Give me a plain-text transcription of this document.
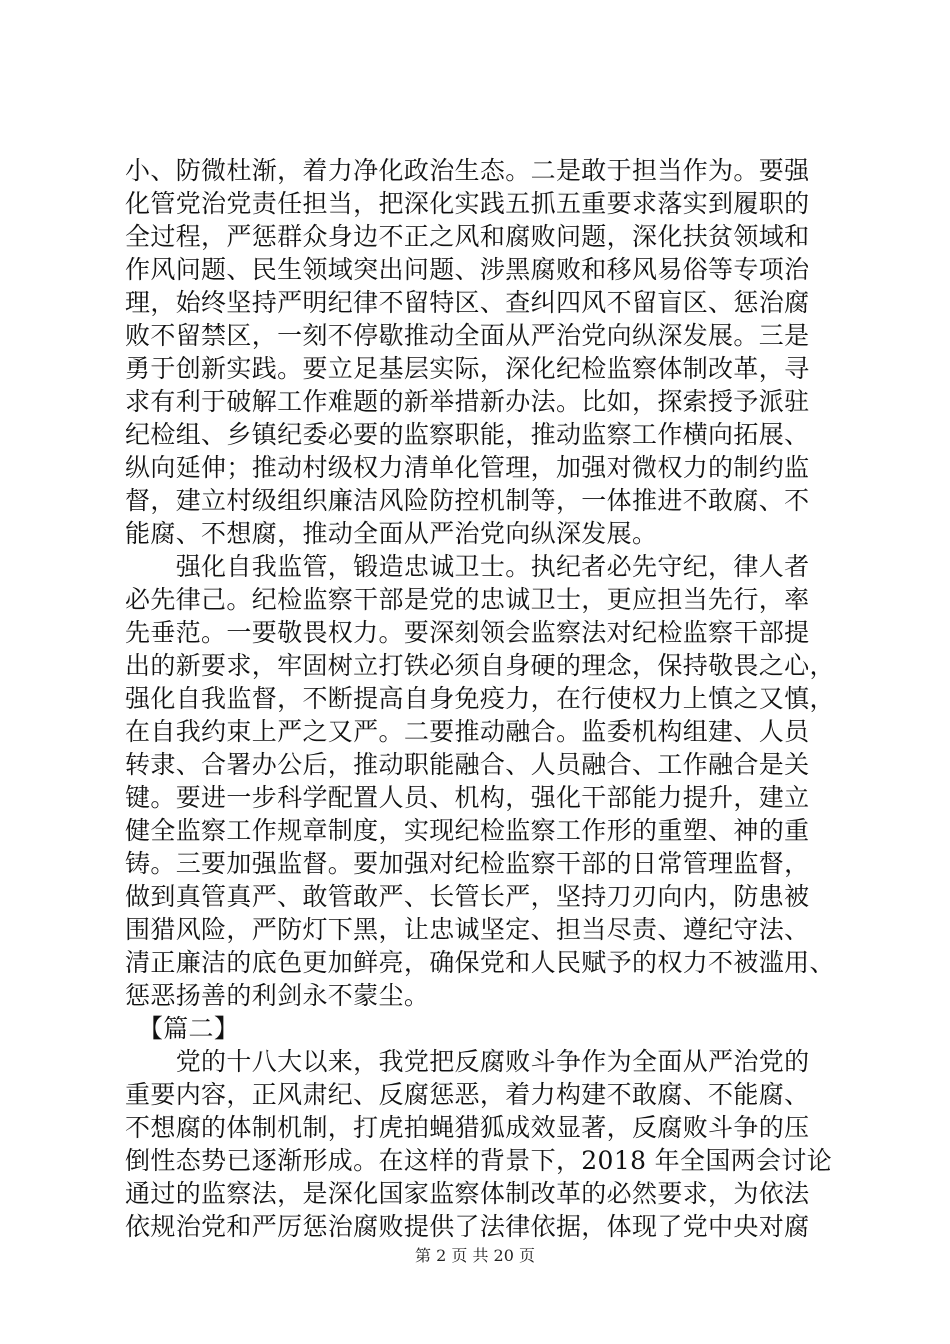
小、防微杜渐，着力净化政治生态。二是敢于担当作为。要强
化管党治党责任担当，把深化实践五抓五重要求落实到履职的
全过程，严惩群众身边不正之风和腐败问题，深化扶贫领域和
作风问题、民生领域突出问题、涉黑腐败和移风易俗等专项治
理，始终坚持严明纪律不留特区、查纠四风不留盲区、惩治腐
败不留禁区，一刻不停歇推动全面从严治党向纵深发展。三是
勇于创新实践。要立足基层实际，深化纪检监察体制改革，寻
求有利于破解工作难题的新举措新办法。比如，探索授予派驻
纪检组、乡镇纪委必要的监察职能，推动监察工作横向拓展、
纵向延伸；推动村级权力清单化管理，加强对微权力的制约监
督，建立村级组织廉洁风险防控机制等，一体推进不敢腐、不
能腐、不想腐，推动全面从严治党向纵深发展。
　　强化自我监管，锻造忠诚卫士。执纪者必先守纪，律人者
必先律己。纪检监察干部是党的忠诚卫士，更应担当先行，率
先垂范。一要敬畏权力。要深刻领会监察法对纪检监察干部提
出的新要求，牢固树立打铁必须自身硬的理念，保持敬畏之心，
强化自我监督，不断提高自身免疫力，在行使权力上慎之又慎，
在自我约束上严之又严。二要推动融合。监委机构组建、人员
转隶、合署办公后，推动职能融合、人员融合、工作融合是关
键。要进一步科学配置人员、机构，强化干部能力提升，建立
健全监察工作规章制度，实现纪检监察工作形的重塑、神的重
铸。三要加强监督。要加强对纪检监察干部的日常管理监督，
做到真管真严、敢管敢严、长管长严，坚持刀刃向内，防患被
围猎风险，严防灯下黑，让忠诚坚定、担当尽责、遵纪守法、
清正廉洁的底色更加鲜亮，确保党和人民赋予的权力不被滥用、
惩恶扬善的利剑永不蒙尘。
　【篇二】
　　党的十八大以来，我党把反腐败斗争作为全面从严治党的
重要内容，正风肃纪、反腐惩恶，着力构建不敢腐、不能腐、
不想腐的体制机制，打虎拍蝇猎狐成效显著，反腐败斗争的压
倒性态势已逐渐形成。在这样的背景下，2018 年全国两会讨论
通过的监察法，是深化国家监察体制改革的必然要求，为依法
依规治党和严厉惩治腐败提供了法律依据，体现了党中央对腐
第 2 页 共 20 页
